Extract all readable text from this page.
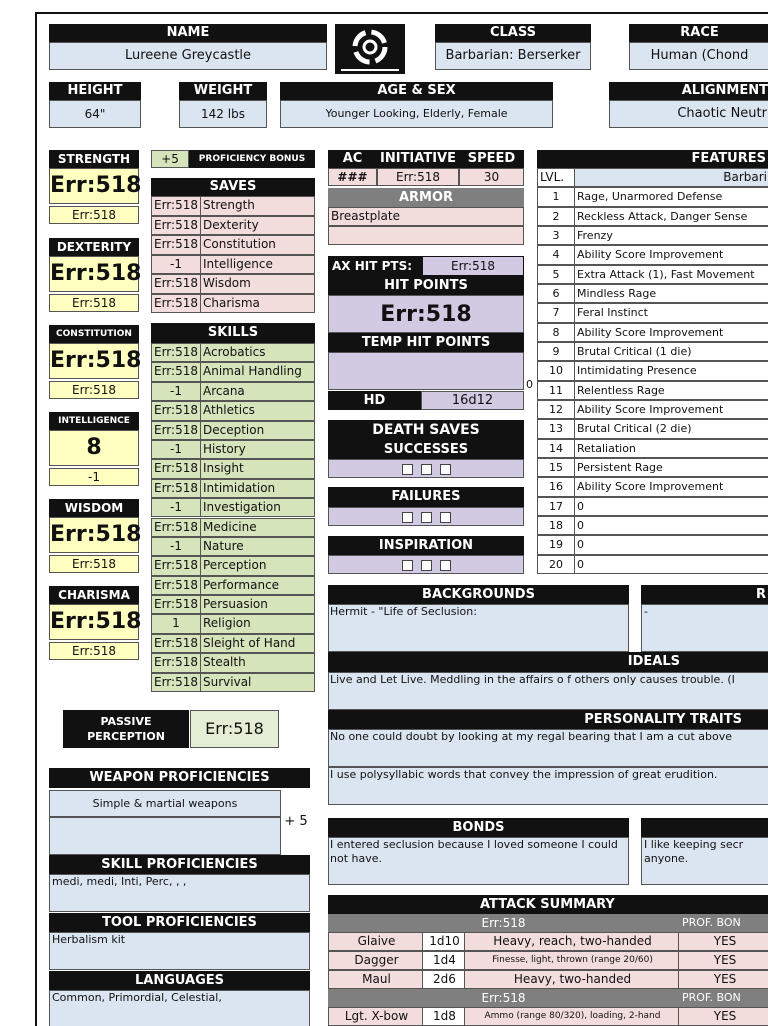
NAME
Lureene Greycastle
CLASS
Barbarian: Berserker
RACE
Human (Chond
HEIGHT
64"
WEIGHT
142 lbs
AGE & SEX
Younger Looking, Elderly, Female
ALIGNMENT
Chaotic Neutr
+5	PROFICIENCY BONUS
SAVES
Err:518 Strength
Err:518 Dexterity
Err:518 Constitution
-1	Intelligence
Err:518 Wisdom
Err:518 Charisma
SKILLS
Err:518 Acrobatics
Err:518 Animal Handling
-1	Arcana
Err:518 Athletics
Err:518 Deception
-1	History
Err:518 Insight
Err:518 Intimidation
-1	Investigation
Err:518 Medicine
-1	Nature
Err:518 Perception
Err:518 Performance
Err:518 Persuasion
1	Religion
Err:518 Sleight of Hand
Err:518 Stealth
Err:518 Survival
PASSIVE
PERCEPTION	Err:518
WEAPON PROFICIENCIES
Simple & martial weapons
+ 5
SKILL PROFICIENCIES
medi, medi, Inti, Perc, , ,
TOOL PROFICIENCIES
Herbalism kit
LANGUAGES
Common, Primordial, Celestial,
AC	INITIATIVE SPEED
###	Err:518	30
ARMOR
Breastplate
AX HIT PTS:	Err:518
HIT POINTS
Err:518
TEMP HIT POINTS
0
HD	16d12
DEATH SAVES
SUCCESSES
FAILURES
INSPIRATION
FEATURES
LVL.	Barbari
1	Rage, Unarmored Defense
2	Reckless Attack, Danger Sense
3	Frenzy
4	Ability Score Improvement
5	Extra Attack (1), Fast Movement
6	Mindless Rage
7	Feral Instinct
8	Ability Score Improvement
9	Brutal Critical (1 die)
10	Intimidating Presence
11	Relentless Rage
12	Ability Score Improvement
13	Brutal Critical (2 die)
14	Retaliation
15	Persistent Rage
16	Ability Score Improvement
17	0
18	0
19	0
20	0
BACKGROUNDS
Hermit - "Life of Seclusion:
R
-
IDEALS
Live and Let Live. Meddling in the affairs o f others only causes trouble. (I
PERSONALITY TRAITS
No one could doubt by looking at my regal bearing that I am a cut above
I use polysyllabic words that convey the impression of great erudition.
BONDS
I entered seclusion because I loved someone I could not have.
I like keeping secr anyone.
ATTACK SUMMARY
Err:518	PROF. BON
Glaive	1d10	Heavy, reach, two-handed	YES
Dagger	1d4	Finesse, light, thrown (range 20/60)	YES
Maul	2d6	Heavy, two-handed	YES
Err:518	PROF. BON
Lgt. X-bow	1d8	Ammo (range 80/320), loading, 2-hand	YES
STRENGTH
Err:518
Err:518
DEXTERITY
Err:518
Err:518
CONSTITUTION
Err:518
Err:518
INTELLIGENCE
8
-1
WISDOM
Err:518
Err:518
CHARISMA
Err:518
Err:518
